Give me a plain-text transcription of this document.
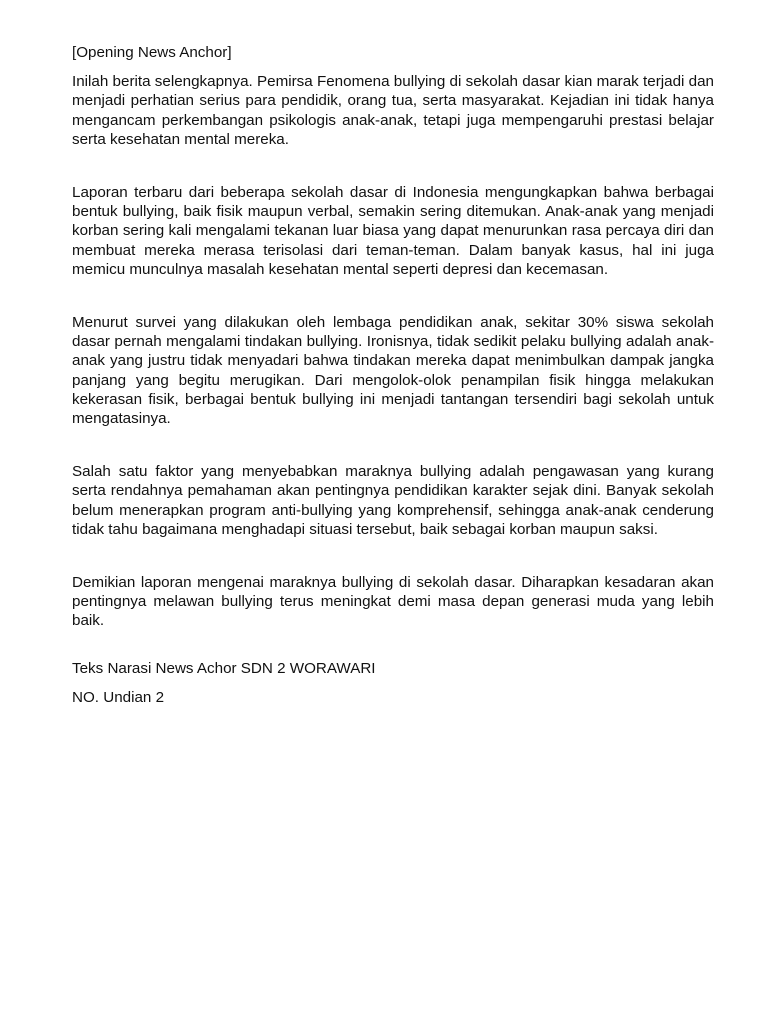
[Opening News Anchor]

Inilah berita selengkapnya. Pemirsa Fenomena bullying di sekolah dasar kian marak terjadi dan menjadi perhatian serius para pendidik, orang tua, serta masyarakat. Kejadian ini tidak hanya mengancam perkembangan psikologis anak-anak, tetapi juga mempengaruhi prestasi belajar serta kesehatan mental mereka.

Laporan terbaru dari beberapa sekolah dasar di Indonesia mengungkapkan bahwa berbagai bentuk bullying, baik fisik maupun verbal, semakin sering ditemukan. Anak-anak yang menjadi korban sering kali mengalami tekanan luar biasa yang dapat menurunkan rasa percaya diri dan membuat mereka merasa terisolasi dari teman-teman. Dalam banyak kasus, hal ini juga memicu munculnya masalah kesehatan mental seperti depresi dan kecemasan.

Menurut survei yang dilakukan oleh lembaga pendidikan anak, sekitar 30% siswa sekolah dasar pernah mengalami tindakan bullying. Ironisnya, tidak sedikit pelaku bullying adalah anak-anak yang justru tidak menyadari bahwa tindakan mereka dapat menimbulkan dampak jangka panjang yang begitu merugikan. Dari mengolok-olok penampilan fisik hingga melakukan kekerasan fisik, berbagai bentuk bullying ini menjadi tantangan tersendiri bagi sekolah untuk mengatasinya.

Salah satu faktor yang menyebabkan maraknya bullying adalah pengawasan yang kurang serta rendahnya pemahaman akan pentingnya pendidikan karakter sejak dini. Banyak sekolah belum menerapkan program anti-bullying yang komprehensif, sehingga anak-anak cenderung tidak tahu bagaimana menghadapi situasi tersebut, baik sebagai korban maupun saksi.

Demikian laporan mengenai maraknya bullying di sekolah dasar. Diharapkan kesadaran akan pentingnya melawan bullying terus meningkat demi masa depan generasi muda yang lebih baik.

Teks Narasi News Achor SDN 2 WORAWARI

NO. Undian 2
